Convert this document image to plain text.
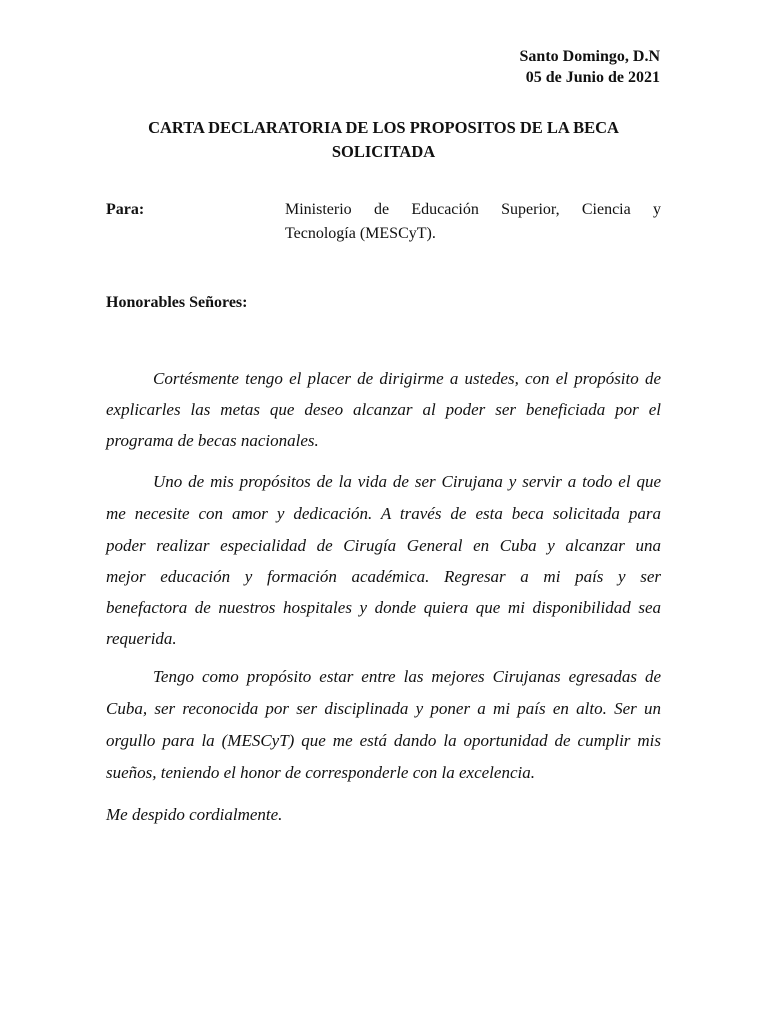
Santo Domingo, D.N
05 de Junio de 2021
CARTA DECLARATORIA DE LOS PROPOSITOS DE LA BECA
SOLICITADA
Para:	Ministerio de Educación Superior, Ciencia y
Tecnología (MESCyT).
Honorables Señores:
Cortésmente tengo el placer de dirigirme a ustedes, con el propósito de
explicarles las metas que deseo alcanzar al poder ser beneficiada por el
programa de becas nacionales.
Uno de mis propósitos de la vida de ser Cirujana y servir a todo el que
me necesite con amor y dedicación. A través de esta beca solicitada para
poder realizar especialidad de Cirugía General en Cuba y alcanzar una
mejor educación y formación académica. Regresar a mi país y ser
benefactora de nuestros hospitales y donde quiera que mi disponibilidad sea
requerida.
Tengo como propósito estar entre las mejores Cirujanas egresadas de
Cuba, ser reconocida por ser disciplinada y poner a mi país en alto. Ser un
orgullo para la (MESCyT) que me está dando la oportunidad de cumplir mis
sueños, teniendo el honor de corresponderle con la excelencia.
Me despido cordialmente.
